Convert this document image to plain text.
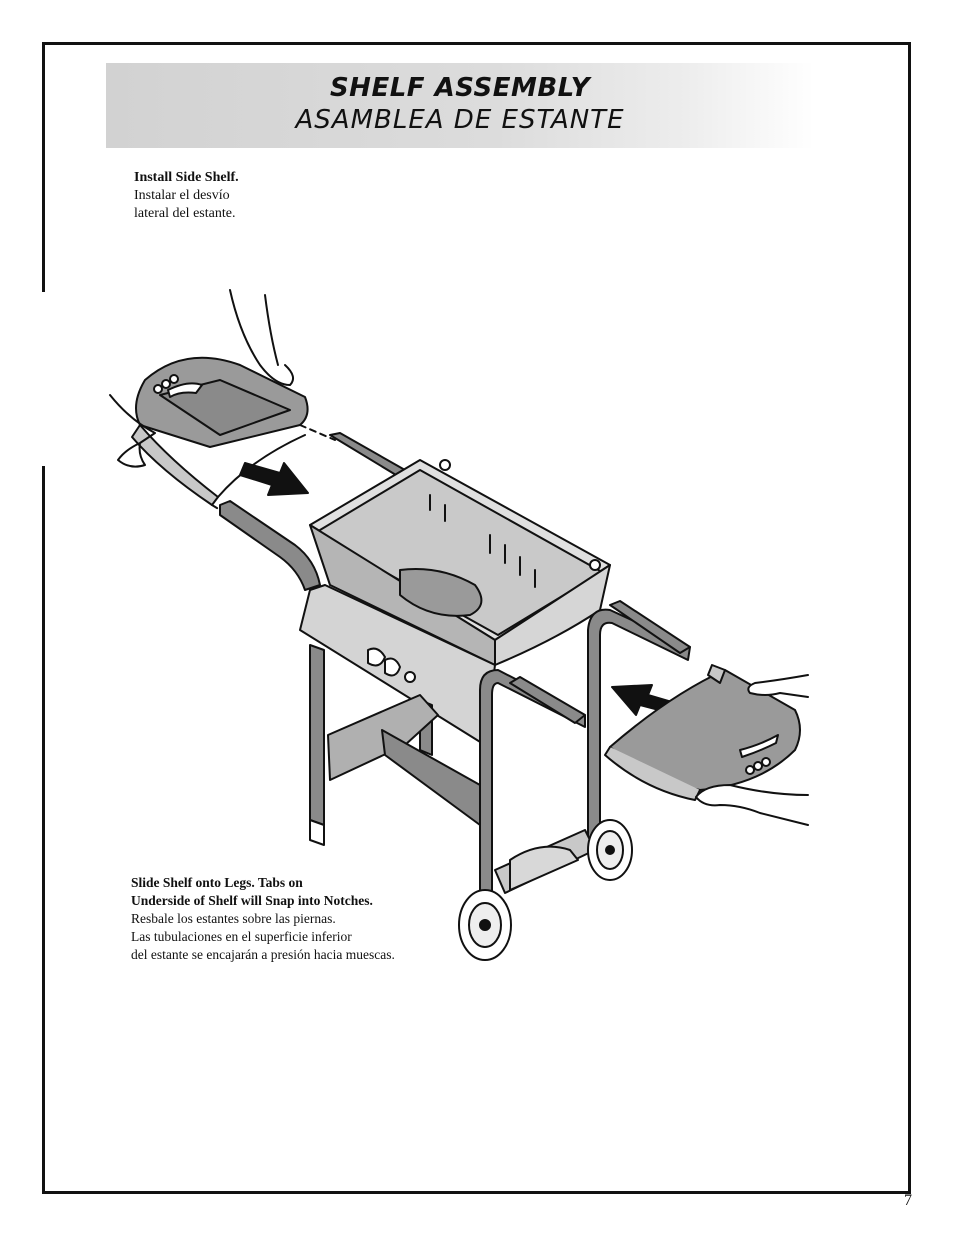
SHELF ASSEMBLY
ASAMBLEA DE ESTANTE
Install Side Shelf.
Instalar el desvío
lateral del estante.
Slide Shelf onto Legs. Tabs on
Underside of Shelf will Snap into Notches.
Resbale los estantes sobre las piernas.
Las tubulaciones en el superficie inferior
del estante se encajarán a presión hacia muescas.
7
